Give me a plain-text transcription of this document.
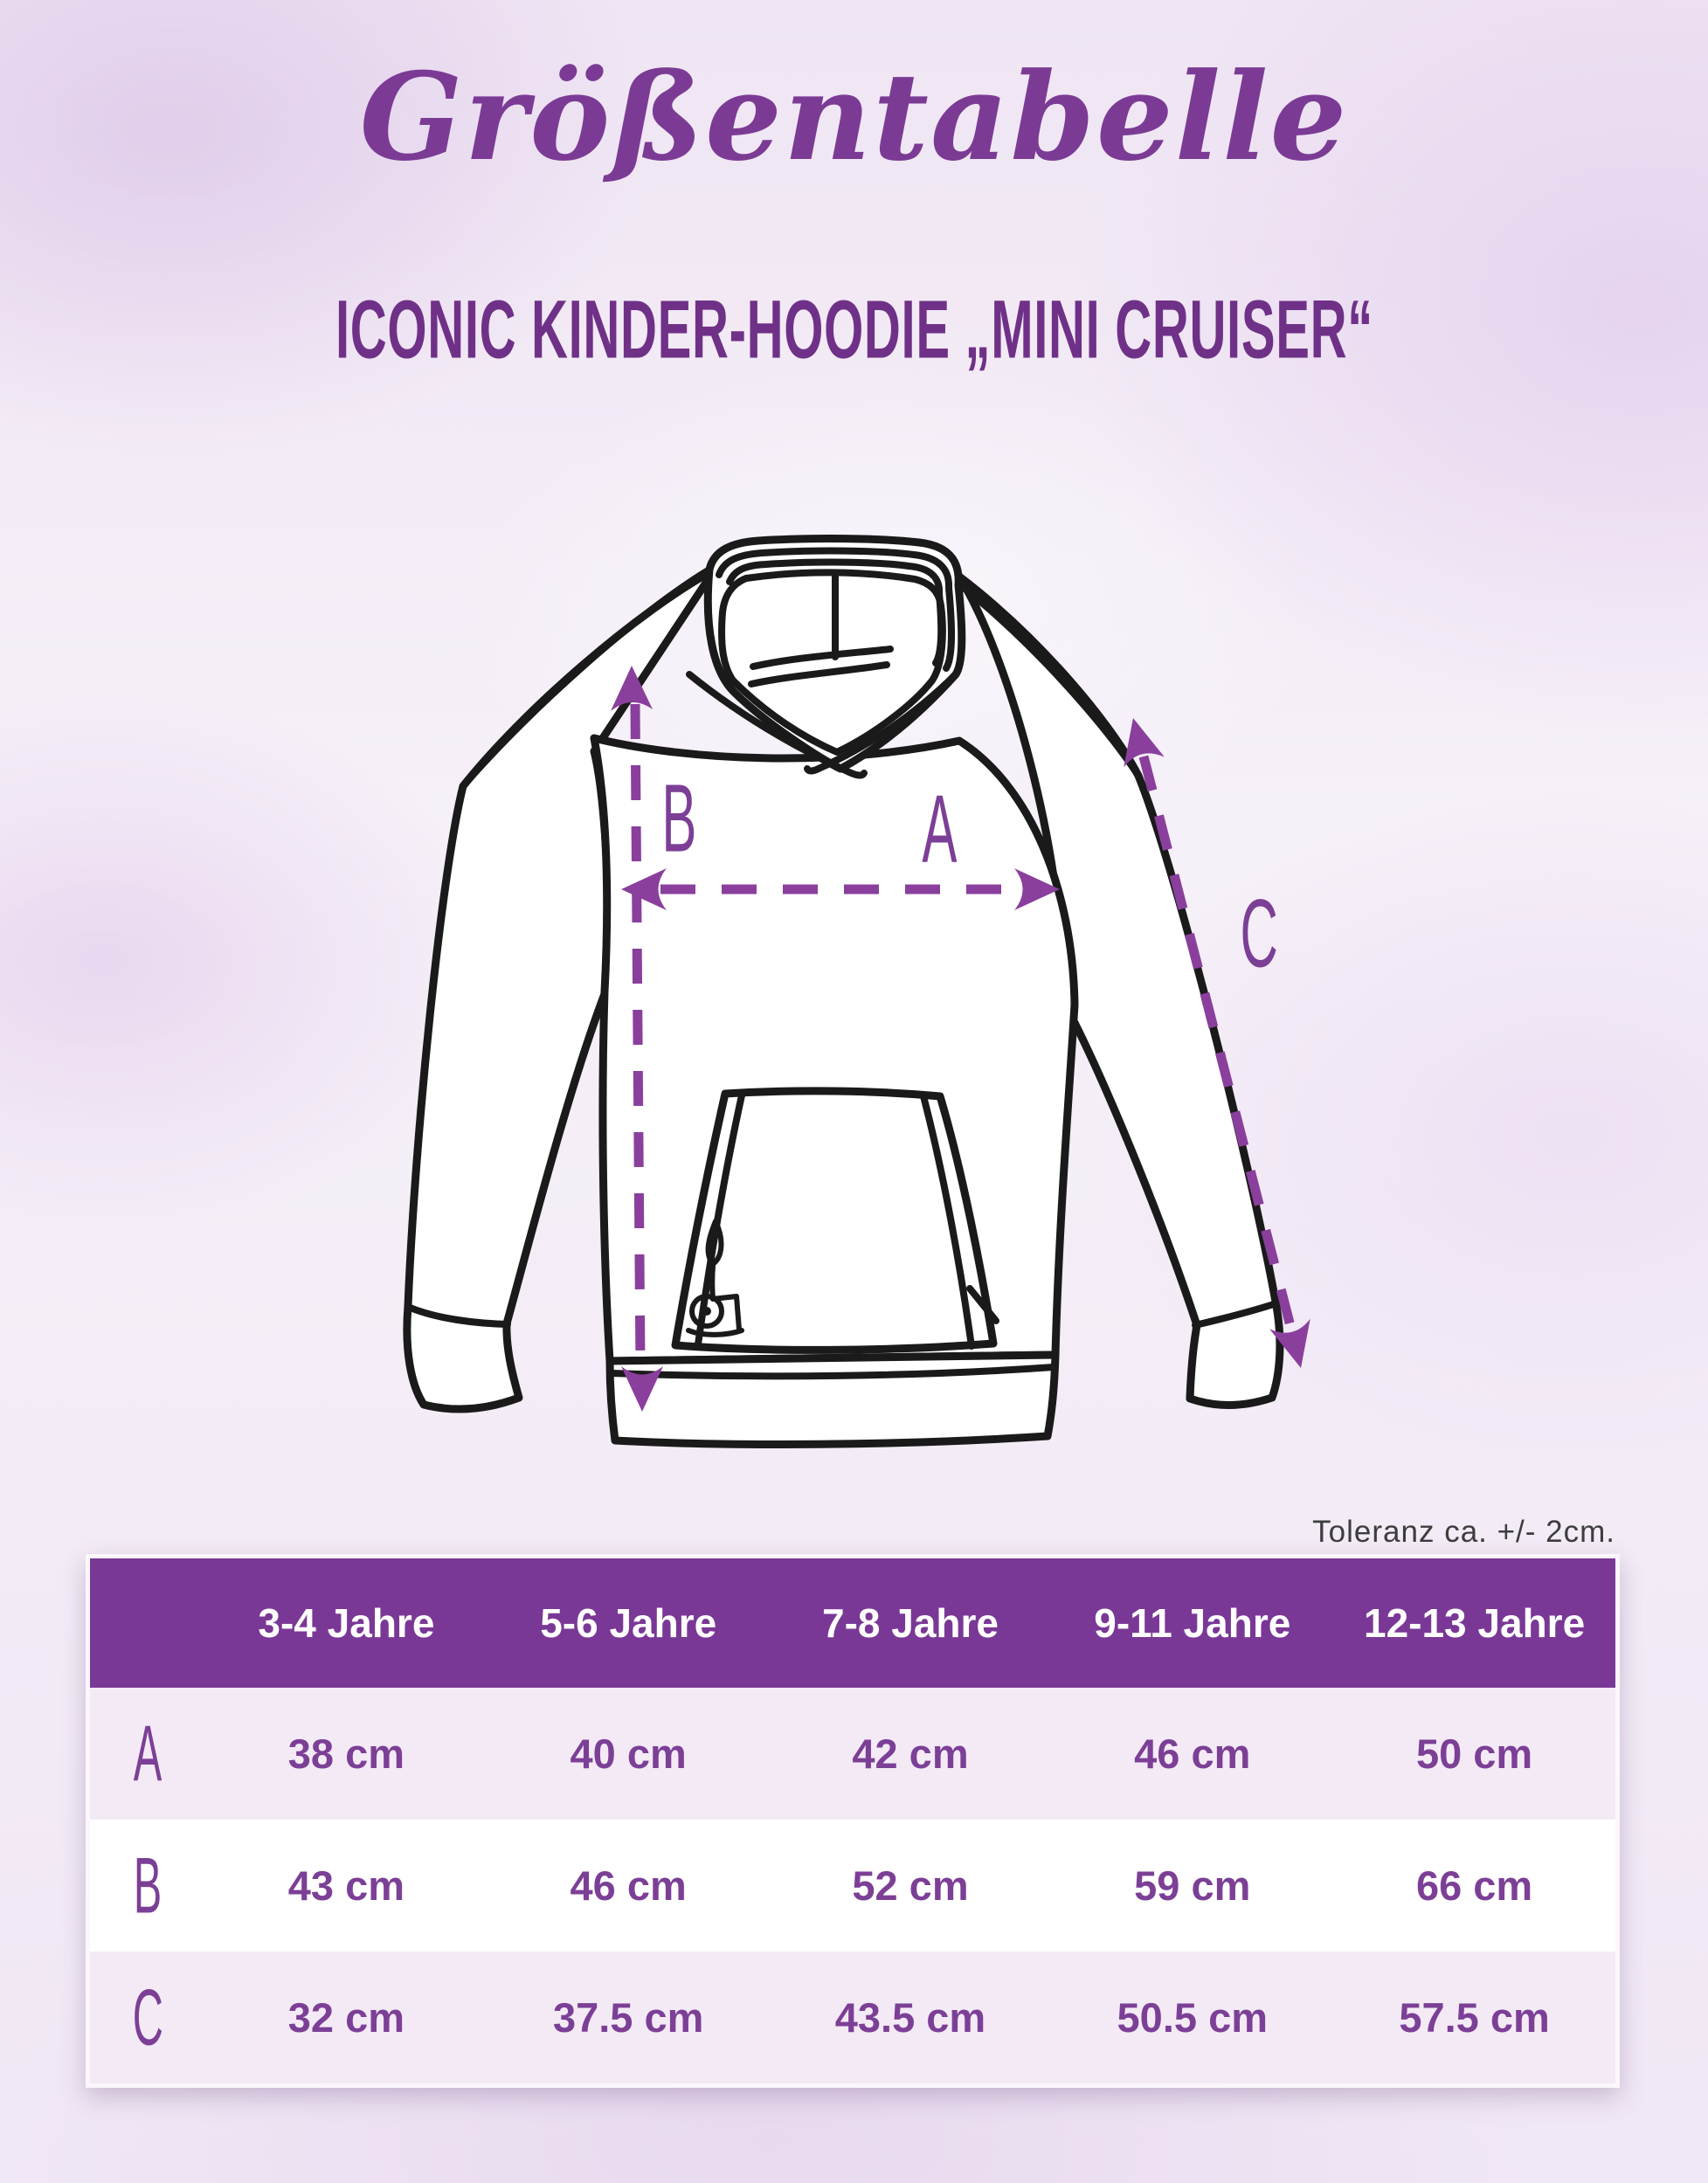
Größentabelle
ICONIC KINDER-HOODIE „MINI CRUISER“
B	A
C
Toleranz ca. +/- 2cm.
3-4 Jahre	5-6 Jahre	7-8 Jahre	9-11 Jahre	12-13 Jahre
A	38 cm	40 cm	42 cm	46 cm	50 cm
B	43 cm	46 cm	52 cm	59 cm	66 cm
C	32 cm	37.5 cm	43.5 cm	50.5 cm	57.5 cm
